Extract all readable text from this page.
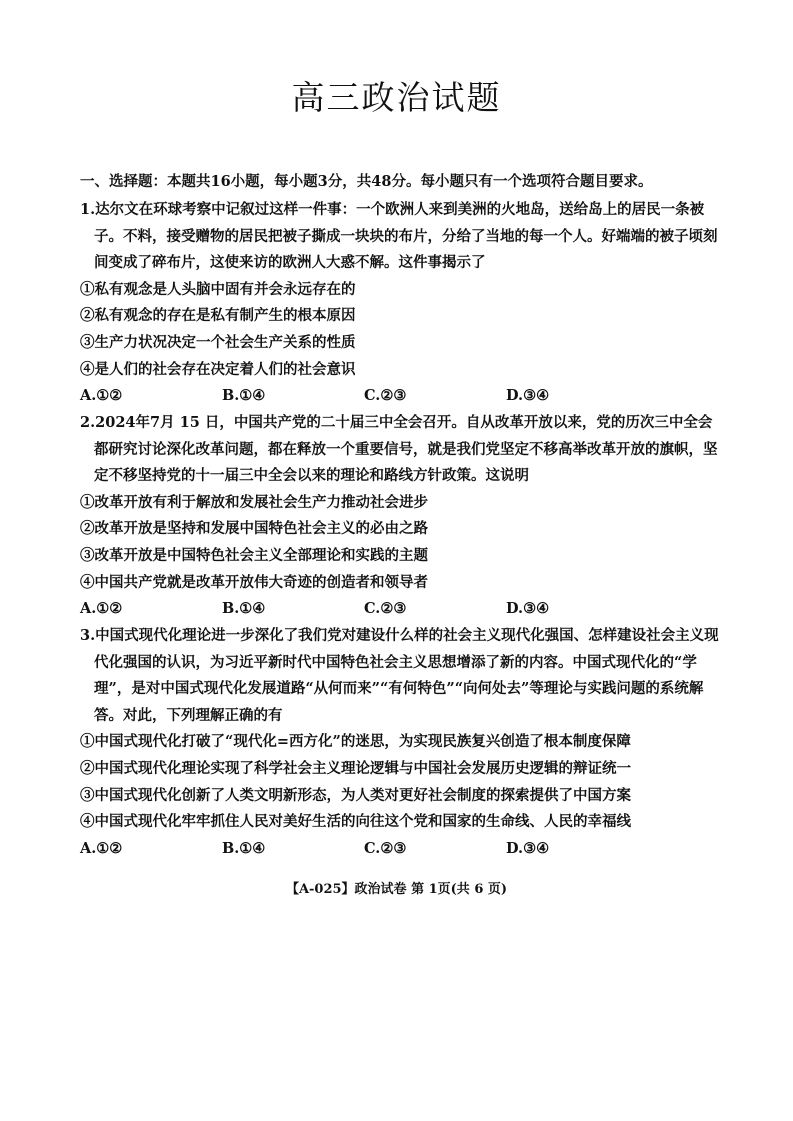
高三政治试题
一、选择题：本题共16小题，每小题3分，共48分。每小题只有一个选项符合题目要求。
1.达尔文在环球考察中记叙过这样一件事：一个欧洲人来到美洲的火地岛，送给岛上的居民一条被子。不料，接受赠物的居民把被子撕成一块块的布片，分给了当地的每一个人。好端端的被子顷刻间变成了碎布片，这使来访的欧洲人大惑不解。这件事揭示了
①私有观念是人头脑中固有并会永远存在的
②私有观念的存在是私有制产生的根本原因
③生产力状况决定一个社会生产关系的性质
④是人们的社会存在决定着人们的社会意识
A.①②	B.①④	C.②③	D.③④
2.2024年7月 15 日，中国共产党的二十届三中全会召开。自从改革开放以来，党的历次三中全会都研究讨论深化改革问题，都在释放一个重要信号，就是我们党坚定不移高举改革开放的旗帜，坚定不移坚持党的十一届三中全会以来的理论和路线方针政策。这说明
①改革开放有利于解放和发展社会生产力推动社会进步
②改革开放是坚持和发展中国特色社会主义的必由之路
③改革开放是中国特色社会主义全部理论和实践的主题
④中国共产党就是改革开放伟大奇迹的创造者和领导者
A.①②	B.①④	C.②③	D.③④
3.中国式现代化理论进一步深化了我们党对建设什么样的社会主义现代化强国、怎样建设社会主义现代化强国的认识，为习近平新时代中国特色社会主义思想增添了新的内容。中国式现代化的“学理”，是对中国式现代化发展道路“从何而来”“有何特色”“向何处去”等理论与实践问题的系统解答。对此，下列理解正确的有
①中国式现代化打破了“现代化=西方化”的迷思，为实现民族复兴创造了根本制度保障
②中国式现代化理论实现了科学社会主义理论逻辑与中国社会发展历史逻辑的辩证统一
③中国式现代化创新了人类文明新形态，为人类对更好社会制度的探索提供了中国方案
④中国式现代化牢牢抓住人民对美好生活的向往这个党和国家的生命线、人民的幸福线
A.①②	B.①④	C.②③	D.③④
【A-025】政治试卷 第 1页(共 6 页)
